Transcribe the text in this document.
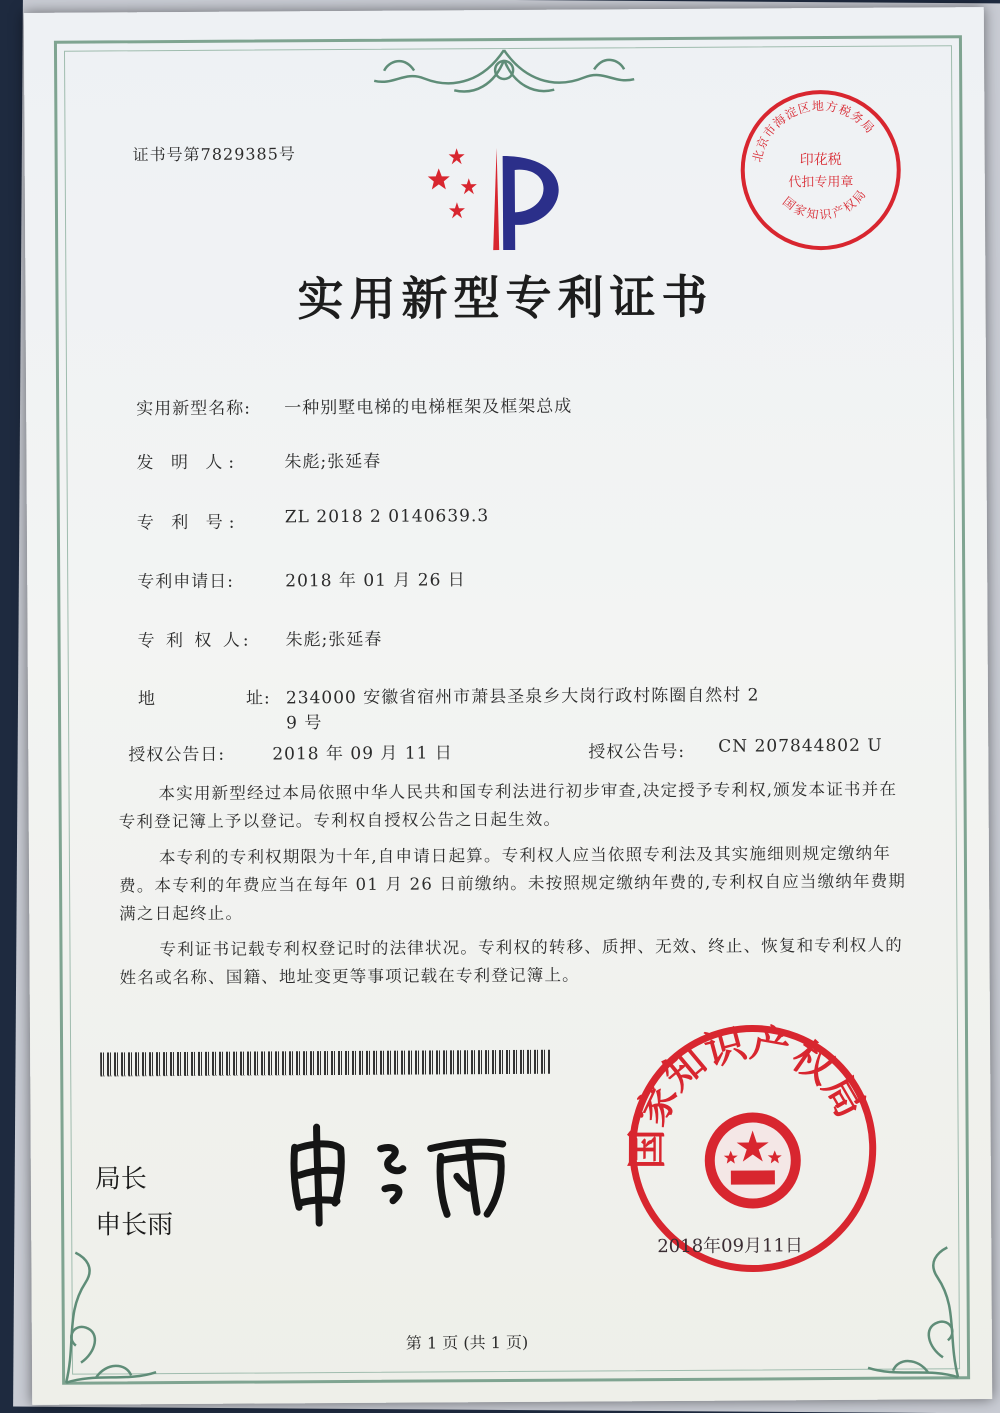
证书号第7829385号
实用新型专利证书
实用新型名称: 一种别墅电梯的电梯框架及框架总成
发 明 人:	朱彪;张延春
专 利 号:	ZL 2018 2 0140639.3
专利申请日:	2018 年 01 月 26 日
专 利 权 人: 朱彪;张延春
地	址: 234000 安徽省宿州市萧县圣泉乡大岗行政村陈圈自然村 2
9 号
授权公告日:	2018 年 09 月 11 日	授权公告号: CN 207844802 U
本实用新型经过本局依照中华人民共和国专利法进行初步审查,决定授予专利权,颁发本证书并在专利登记簿上予以登记。专利权自授权公告之日起生效。
本专利的专利权期限为十年,自申请日起算。专利权人应当依照专利法及其实施细则规定缴纳年费。本专利的年费应当在每年 01 月 26 日前缴纳。未按照规定缴纳年费的,专利权自应当缴纳年费期满之日起终止。
专利证书记载专利权登记时的法律状况。专利权的转移、质押、无效、终止、恢复和专利权人的姓名或名称、国籍、地址变更等事项记载在专利登记簿上。
局长
申长雨
北京市海淀区地方税务局
印花税
代扣专用章
国家知识产权局
国家知识产权局
2018年09月11日
第 1 页 (共 1 页)
